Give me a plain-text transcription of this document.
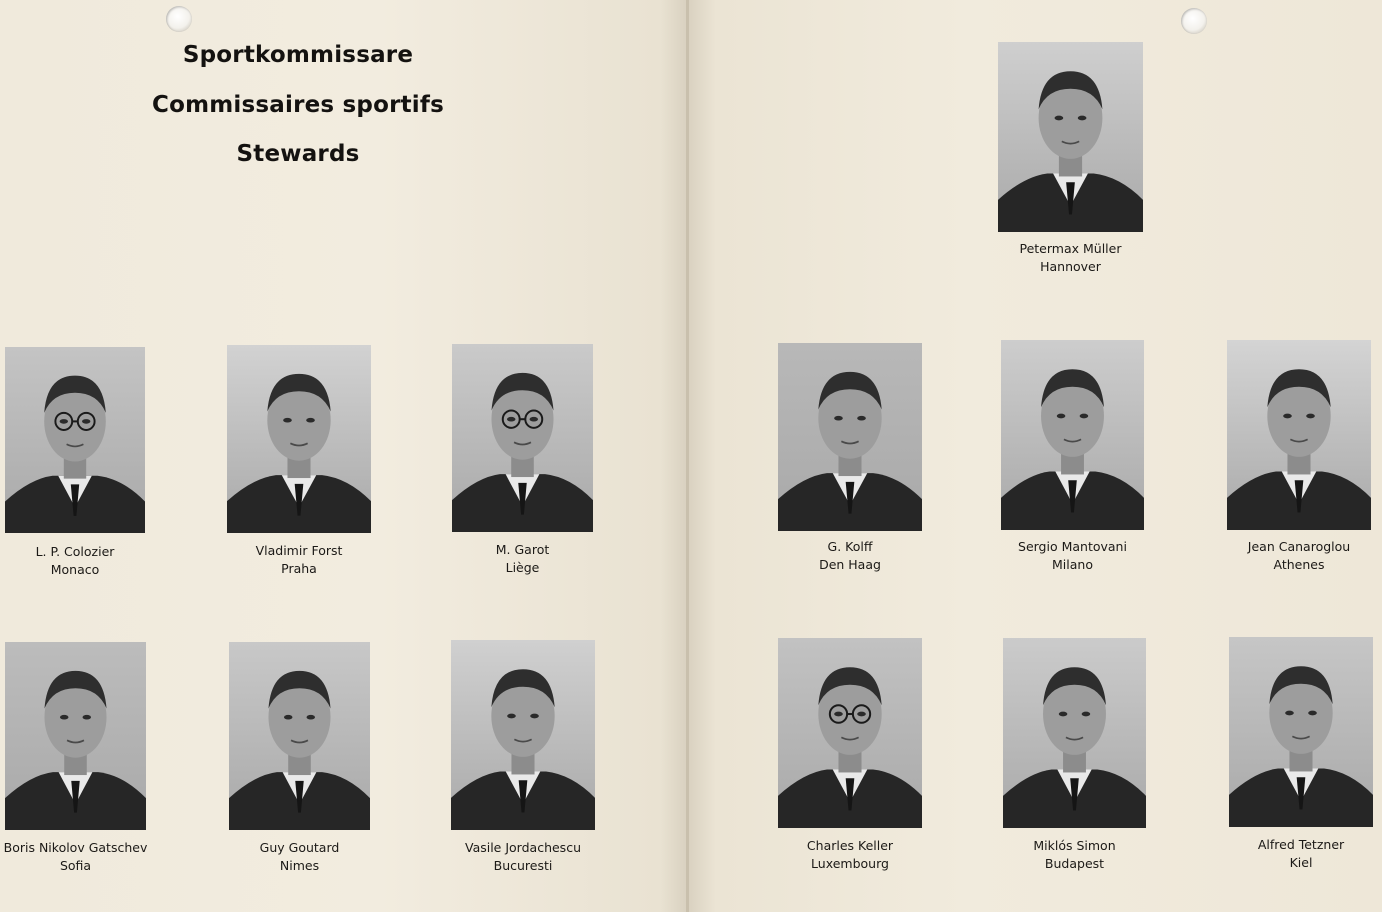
Sportkommissare
Commissaires sportifs
Stewards
L. P. Colozier
Monaco
Vladimir Forst
Praha
M. Garot
Liège
Boris Nikolov Gatschev
Sofia
Guy Goutard
Nimes
Vasile Jordachescu
Bucuresti
Petermax Müller
Hannover
G. Kolff
Den Haag
Sergio Mantovani
Milano
Jean Canaroglou
Athenes
Charles Keller
Luxembourg
Miklós Simon
Budapest
Alfred Tetzner
Kiel
